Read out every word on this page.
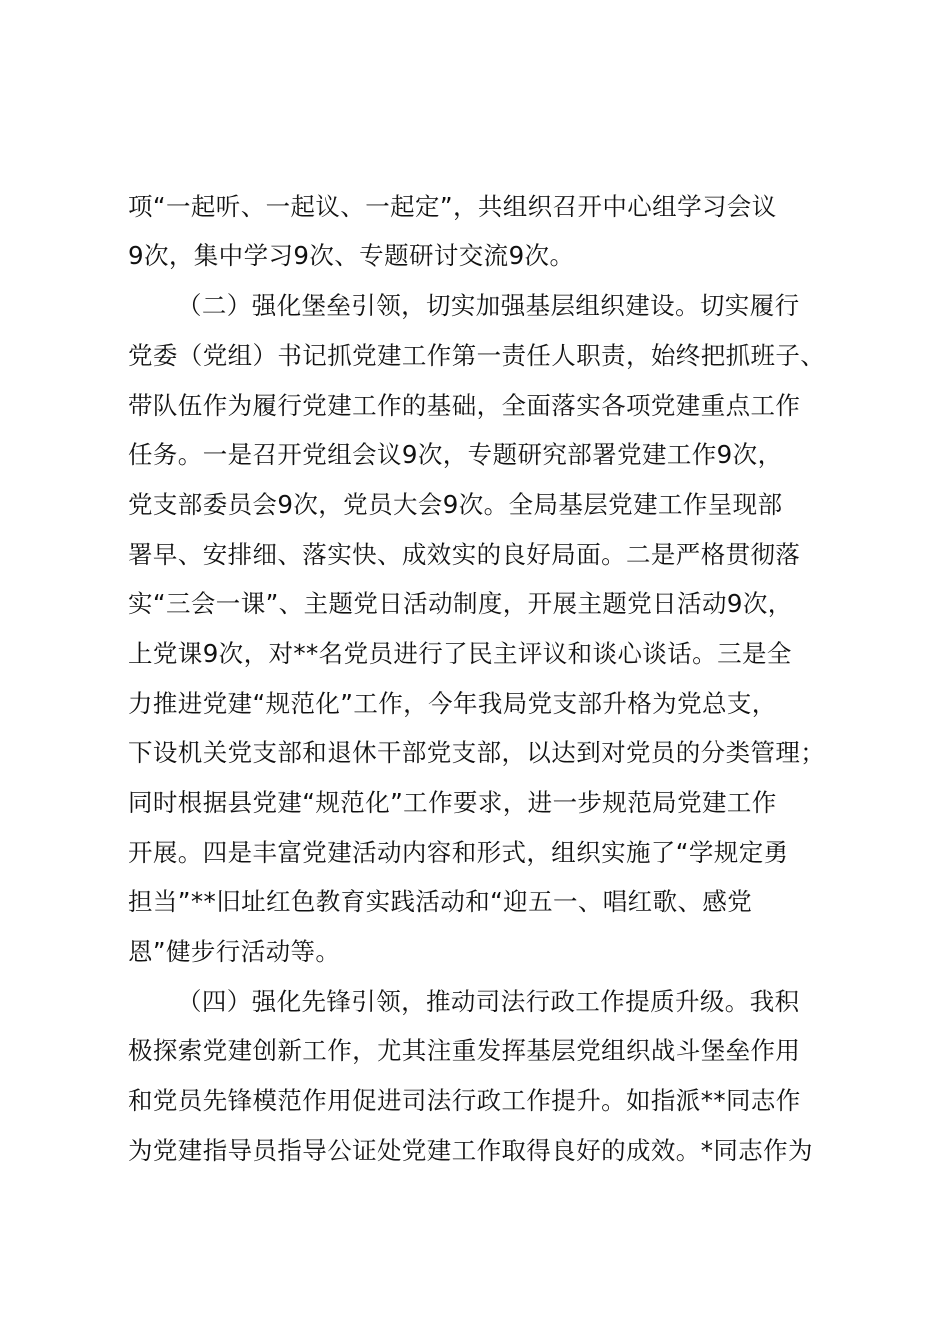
项“一起听、一起议、一起定”，共组织召开中心组学习会议
9次，集中学习9次、专题研讨交流9次。
（二）强化堡垒引领，切实加强基层组织建设。切实履行
党委（党组）书记抓党建工作第一责任人职责，始终把抓班子、
带队伍作为履行党建工作的基础，全面落实各项党建重点工作
任务。一是召开党组会议9次，专题研究部署党建工作9次，
党支部委员会9次，党员大会9次。全局基层党建工作呈现部
署早、安排细、落实快、成效实的良好局面。二是严格贯彻落
实“三会一课”、主题党日活动制度，开展主题党日活动9次，
上党课9次，对**名党员进行了民主评议和谈心谈话。三是全
力推进党建“规范化”工作，今年我局党支部升格为党总支，
下设机关党支部和退休干部党支部，以达到对党员的分类管理；
同时根据县党建“规范化”工作要求，进一步规范局党建工作
开展。四是丰富党建活动内容和形式，组织实施了“学规定勇
担当”**旧址红色教育实践活动和“迎五一、唱红歌、感党
恩”健步行活动等。
（四）强化先锋引领，推动司法行政工作提质升级。我积
极探索党建创新工作，尤其注重发挥基层党组织战斗堡垒作用
和党员先锋模范作用促进司法行政工作提升。如指派**同志作
为党建指导员指导公证处党建工作取得良好的成效。*同志作为
